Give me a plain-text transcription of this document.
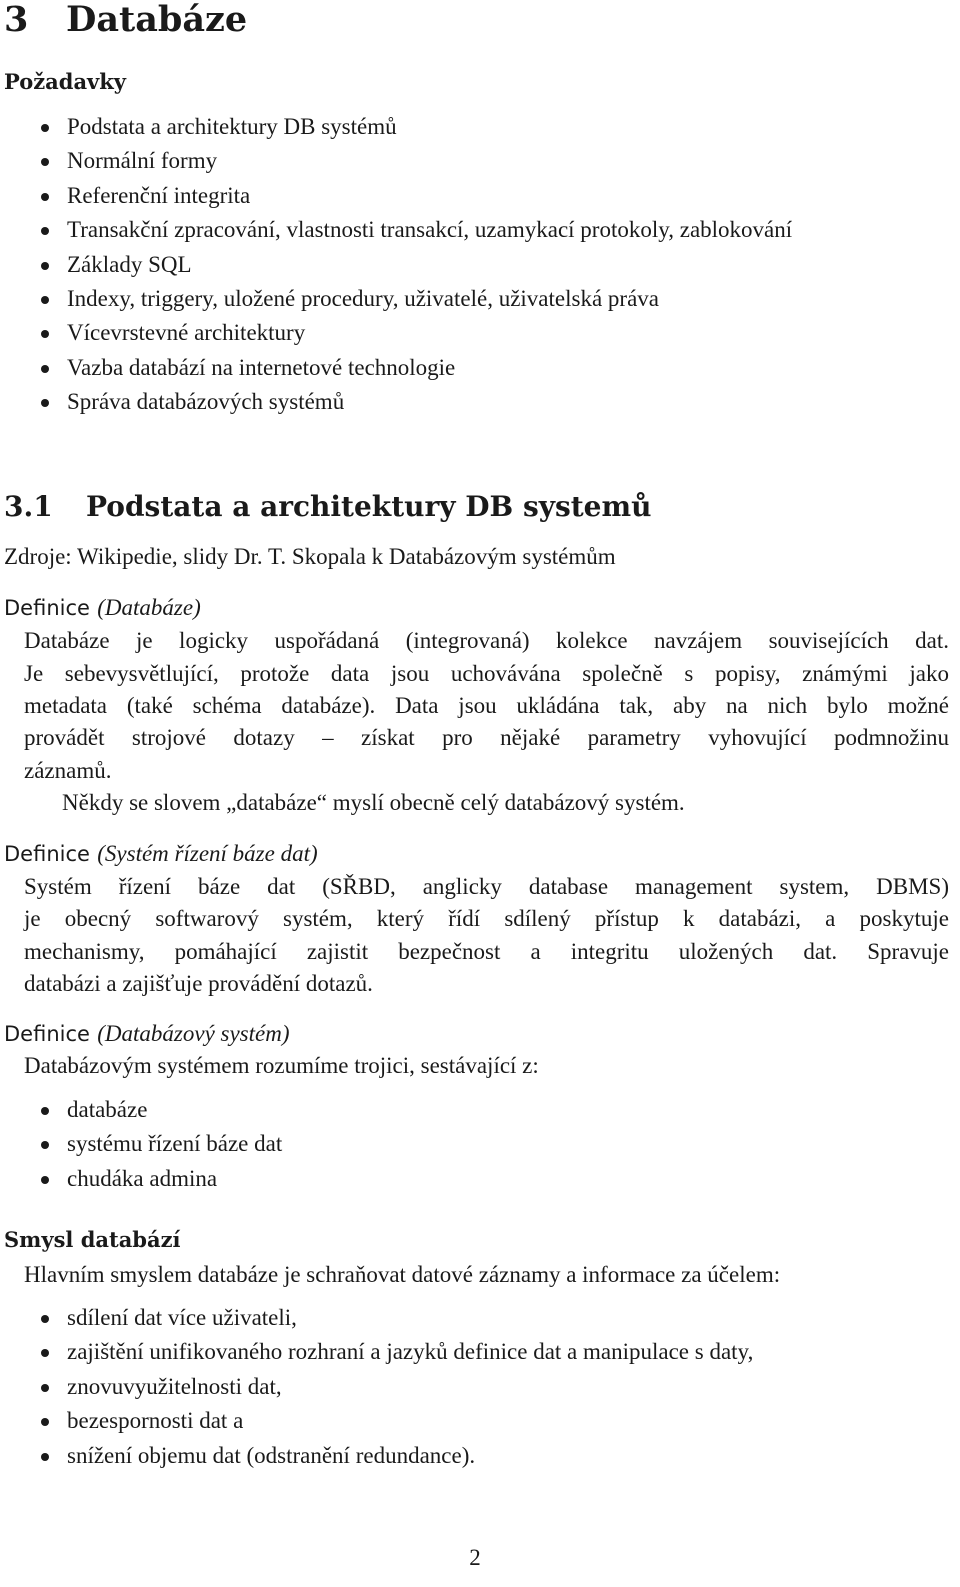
3 Databáze
Požadavky
Podstata a architektury DB systémů
Normální formy
Referenční integrita
Transakční zpracování, vlastnosti transakcí, uzamykací protokoly, zablokování
Základy SQL
Indexy, triggery, uložené procedury, uživatelé, uživatelská práva
Vícevrstevné architektury
Vazba databází na internetové technologie
Správa databázových systémů
3.1 Podstata a architektury DB systemů

Zdroje: Wikipedie, slidy Dr. T. Skopala k Databázovým systémům

Definice (Databáze)

Databáze je logicky uspořádaná (integrovaná) kolekce navzájem souvisejících dat.

Je sebevysvětlující, protože data jsou uchovávána společně s popisy, známými jako

metadata (také schéma databáze). Data jsou ukládána tak, aby na nich bylo možné

provádět strojové dotazy – získat pro nějaké parametry vyhovující podmnožinu

záznamů.

Někdy se slovem „databáze“ myslí obecně celý databázový systém.

Definice (Systém řízení báze dat)

Systém řízení báze dat (SŘBD, anglicky database management system, DBMS)

je obecný softwarový systém, který řídí sdílený přístup k databázi, a poskytuje

mechanismy, pomáhající zajistit bezpečnost a integritu uložených dat. Spravuje

databázi a zajišťuje provádění dotazů.

Definice (Databázový systém)

Databázovým systémem rozumíme trojici, sestávající z:

databáze
systému řízení báze dat
chudáka admina
Smysl databází

Hlavním smyslem databáze je schraňovat datové záznamy a informace za účelem:

sdílení dat více uživateli,
zajištění unifikovaného rozhraní a jazyků definice dat a manipulace s daty,
znovuvyužitelnosti dat,
bezespornosti dat a
snížení objemu dat (odstranění redundance).
2
